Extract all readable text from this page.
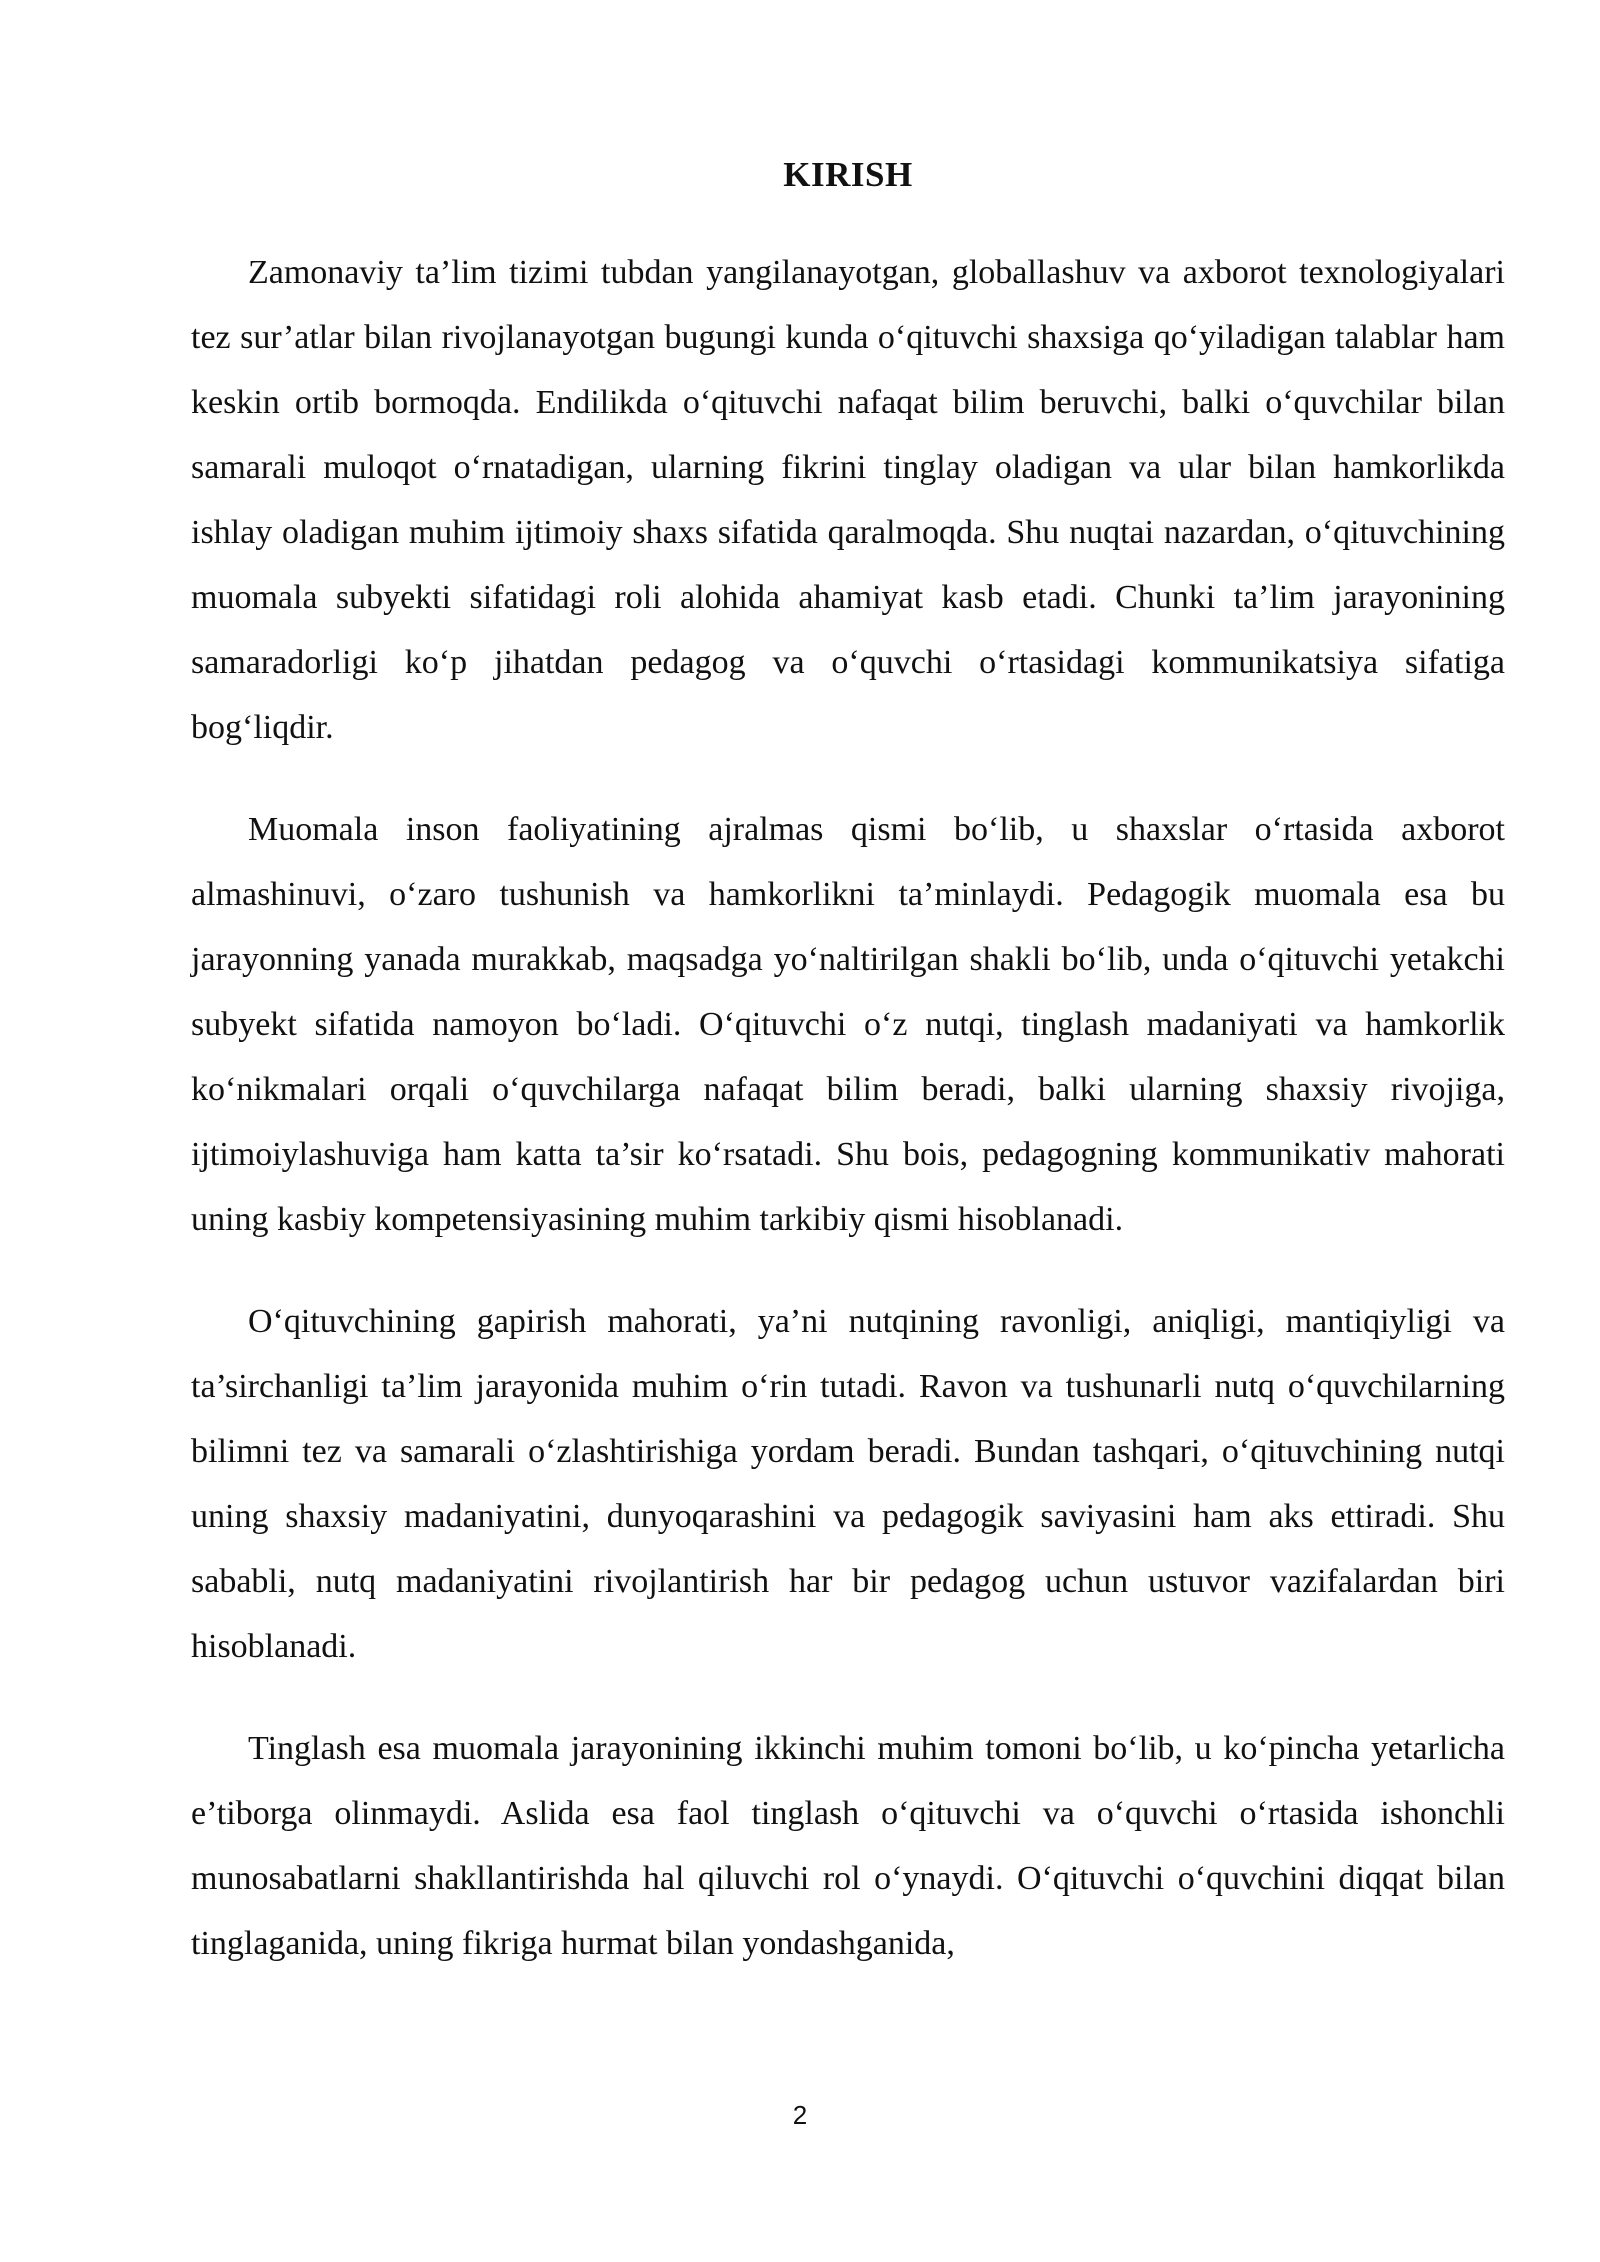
KIRISH

Zamonaviy ta’lim tizimi tubdan yangilanayotgan, globallashuv va axborot texnologiyalari tez sur’atlar bilan rivojlanayotgan bugungi kunda o‘qituvchi shaxsiga qo‘yiladigan talablar ham keskin ortib bormoqda. Endilikda o‘qituvchi nafaqat bilim beruvchi, balki o‘quvchilar bilan samarali muloqot o‘rnatadigan, ularning fikrini tinglay oladigan va ular bilan hamkorlikda ishlay oladigan muhim ijtimoiy shaxs sifatida qaralmoqda. Shu nuqtai nazardan, o‘qituvchining muomala subyekti sifatidagi roli alohida ahamiyat kasb etadi. Chunki ta’lim jarayonining samaradorligi ko‘p jihatdan pedagog va o‘quvchi o‘rtasidagi kommunikatsiya sifatiga bog‘liqdir.

Muomala inson faoliyatining ajralmas qismi bo‘lib, u shaxslar o‘rtasida axborot almashinuvi, o‘zaro tushunish va hamkorlikni ta’minlaydi. Pedagogik muomala esa bu jarayonning yanada murakkab, maqsadga yo‘naltirilgan shakli bo‘lib, unda o‘qituvchi yetakchi subyekt sifatida namoyon bo‘ladi. O‘qituvchi o‘z nutqi, tinglash madaniyati va hamkorlik ko‘nikmalari orqali o‘quvchilarga nafaqat bilim beradi, balki ularning shaxsiy rivojiga, ijtimoiylashuviga ham katta ta’sir ko‘rsatadi. Shu bois, pedagogning kommunikativ mahorati uning kasbiy kompetensiyasining muhim tarkibiy qismi hisoblanadi.

O‘qituvchining gapirish mahorati, ya’ni nutqining ravonligi, aniqligi, mantiqiyligi va ta’sirchanligi ta’lim jarayonida muhim o‘rin tutadi. Ravon va tushunarli nutq o‘quvchilarning bilimni tez va samarali o‘zlashtirishiga yordam beradi. Bundan tashqari, o‘qituvchining nutqi uning shaxsiy madaniyatini, dunyoqarashini va pedagogik saviyasini ham aks ettiradi. Shu sababli, nutq madaniyatini rivojlantirish har bir pedagog uchun ustuvor vazifalardan biri hisoblanadi.

Tinglash esa muomala jarayonining ikkinchi muhim tomoni bo‘lib, u ko‘pincha yetarlicha e’tiborga olinmaydi. Aslida esa faol tinglash o‘qituvchi va o‘quvchi o‘rtasida ishonchli munosabatlarni shakllantirishda hal qiluvchi rol o‘ynaydi. O‘qituvchi o‘quvchini diqqat bilan tinglaganida, uning fikriga hurmat bilan yondashganida,

2
